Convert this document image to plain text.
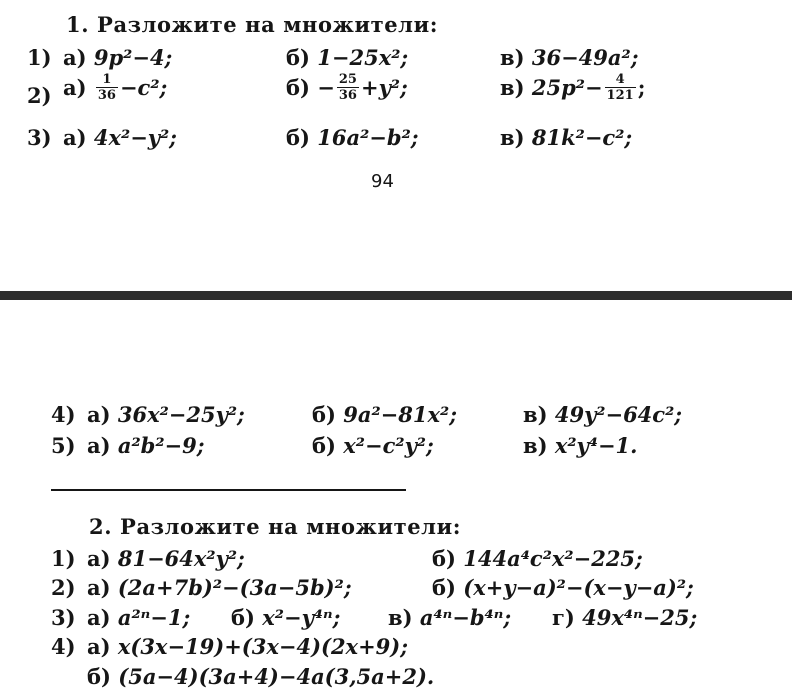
1. Разложите на множители:
1) а) 9p²−4;	б) 1−25x²;	в) 36−49a²;
2) $а) \frac{1}{36} -c^2$;	$б) - \frac{25}{36} +y^2$;	в) $25p^2- \frac{4}{121}$ ;
3) а) 4x²−y²;	б) 16a²−b²;	в) 81k²−c²;
94
4) а) 36x²−25y²;	б) 9a²−81x²;	в) 49y²−64c²;
5) а) a²b²−9;	б) x²−c²y²;	в) x²y⁴−1.
2. Разложите на множители:
1) а) 81−64x²y²;	б) 144a⁴c²x²−225;
2) а) (2a+7b)²−(3a−5b)²;	б) (x+y−a)²−(x−y−a)²;
3) а) a²ⁿ−1; б) x²−y⁴ⁿ; в) a⁴ⁿ−b⁴ⁿ; г) 49x⁴ⁿ−25;
4) а) x(3x−19)+(3x−4)(2x+9);
б) (5a−4)(3a+4)−4a(3,5a+2).
